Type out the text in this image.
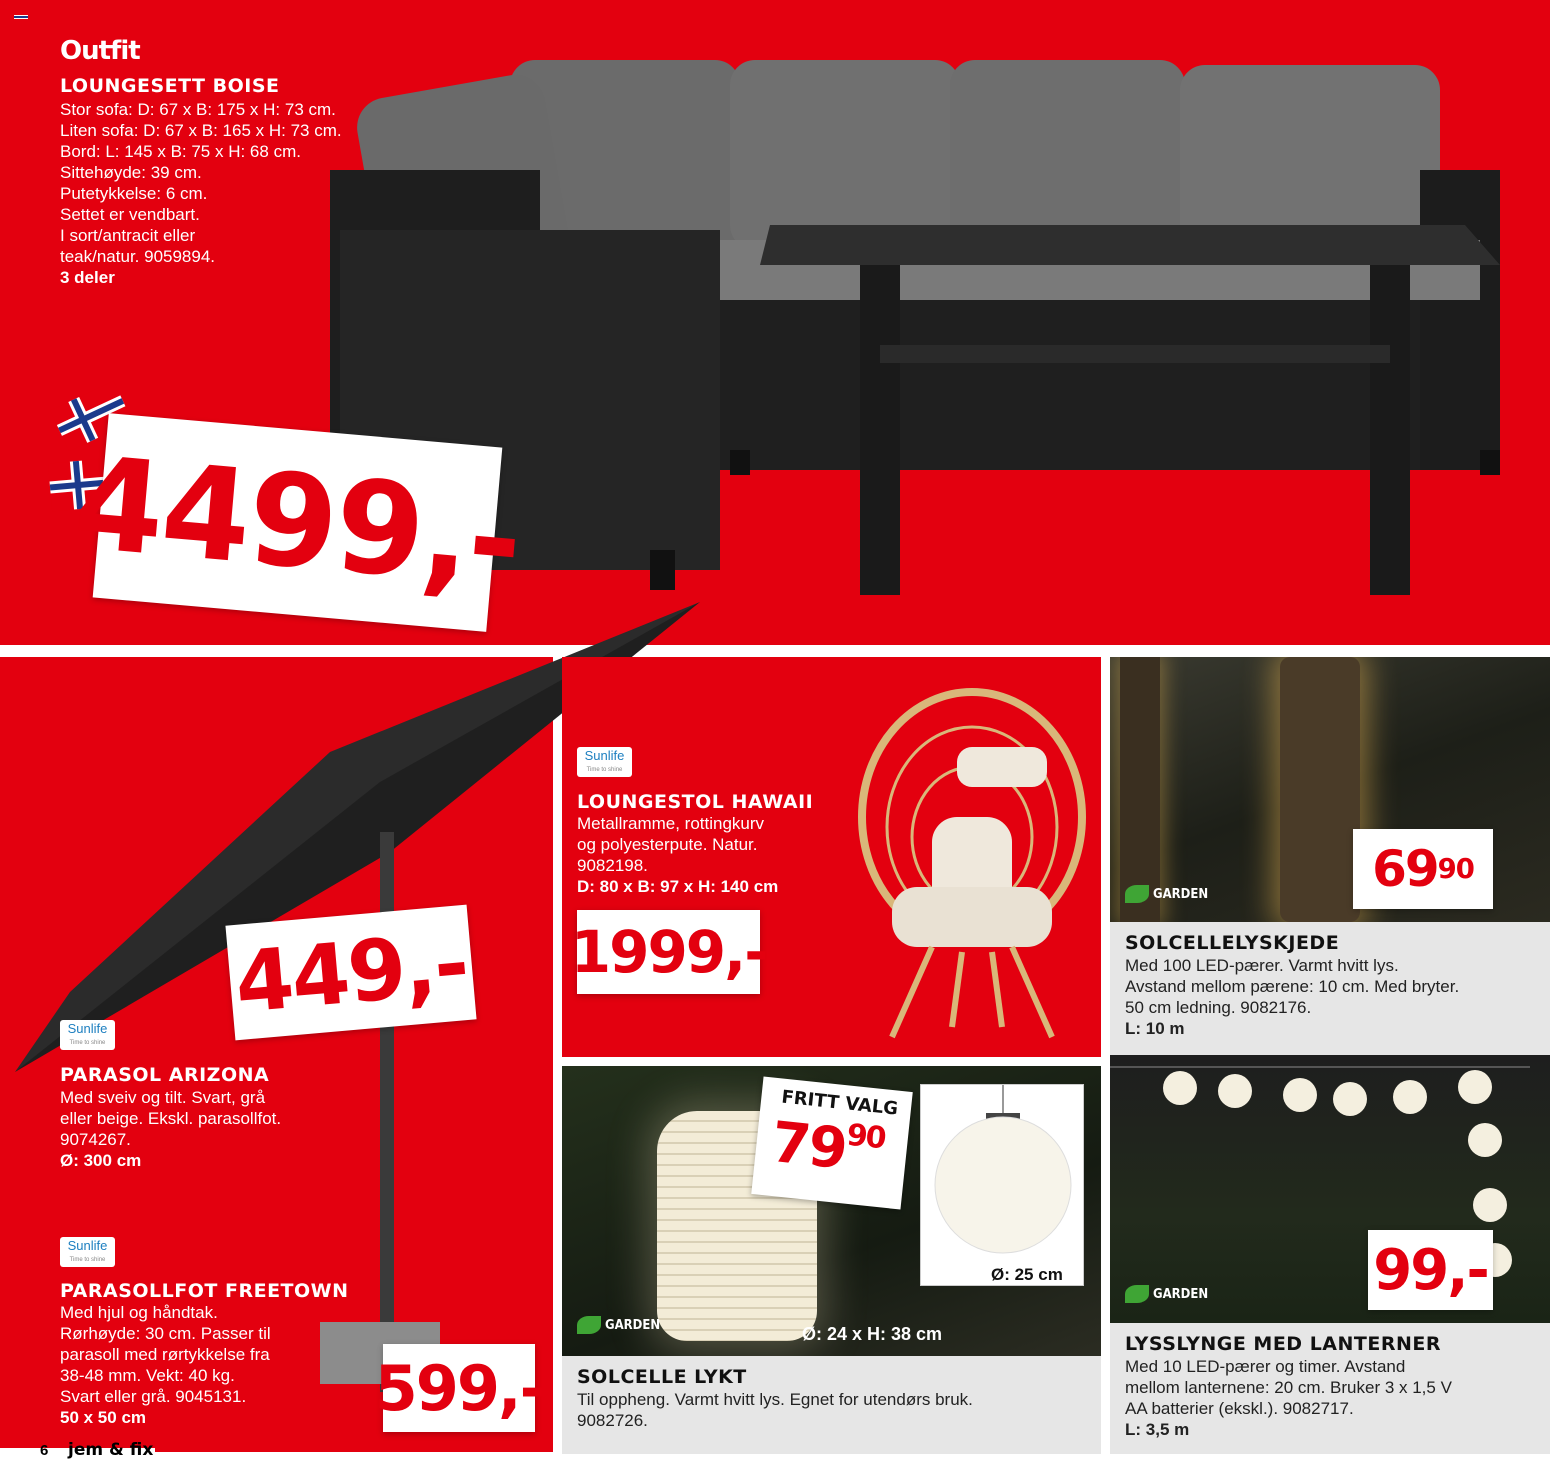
Outfit
LOUNGESETT BOISE
Stor sofa: D: 67 x B: 175 x H: 73 cm.
Liten sofa: D: 67 x B: 165 x H: 73 cm.
Bord: L: 145 x B: 75 x H: 68 cm.
Sittehøyde: 39 cm.
Putetykkelse: 6 cm.
Settet er vendbart.
I sort/antracit eller
teak/natur. 9059894.
3 deler
4499,-
449,-
Sunlife
Time to shine
PARASOL ARIZONA
Med sveiv og tilt. Svart, grå
eller beige. Ekskl. parasollfot.
9074267.
Ø: 300 cm
Sunlife
Time to shine
PARASOLLFOT FREETOWN
Med hjul og håndtak.
Rørhøyde: 30 cm. Passer til
parasoll med rørtykkelse fra
38-48 mm. Vekt: 40 kg.
Svart eller grå. 9045131.
50 x 50 cm	599,-
6 jem & fix
Sunlife
Time to shine
LOUNGESTOL HAWAII
Metallramme, rottingkurv
og polyesterpute. Natur.
9082198.
D: 80 x B: 97 x H: 140 cm
1999,-
GARDEN	69 90
SOLCELLELYSKJEDE
Med 100 LED-pærer. Varmt hvitt lys.
Avstand mellom pærene: 10 cm. Med bryter.
50 cm ledning. 9082176.
L: 10 m
GARDEN	Ø: 24 x H: 38 cm
Ø: 25 cm
FRITT VALG
$79^{90}$
SOLCELLE LYKT
Til oppheng. Varmt hvitt lys. Egnet for utendørs bruk.
9082726.
GARDEN	99,-
LYSSLYNGE MED LANTERNER
Med 10 LED-pærer og timer. Avstand
mellom lanternene: 20 cm. Bruker 3 x 1,5 V
AA batterier (ekskl.). 9082717.
L: 3,5 m
